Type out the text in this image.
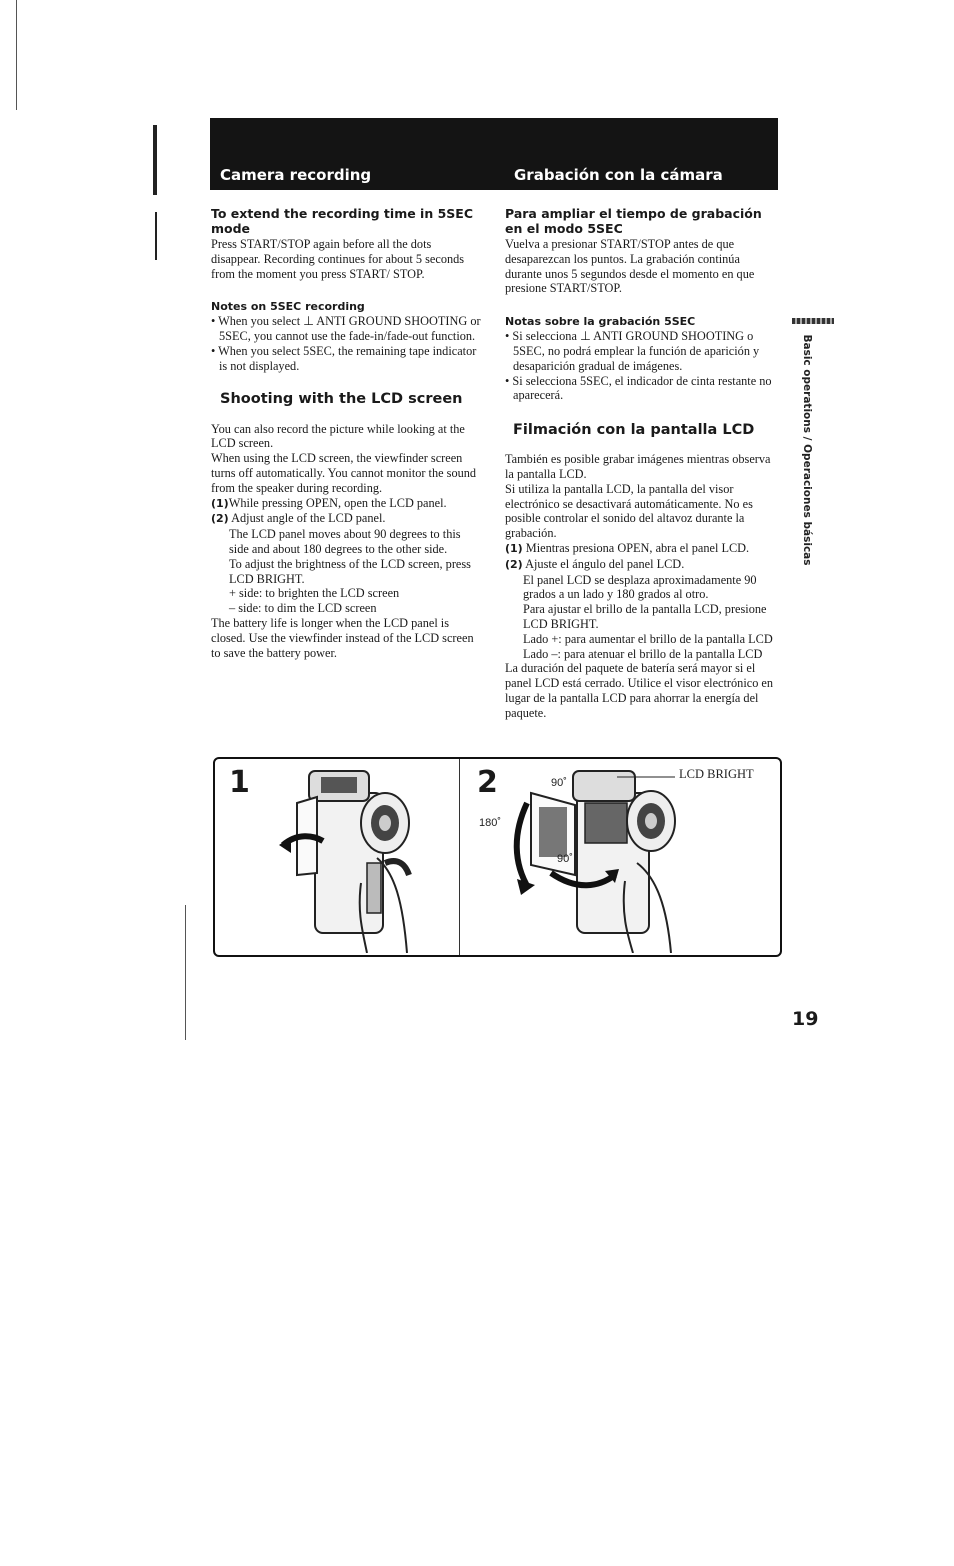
Camera recording	Grabación con la cámara

To extend the recording time in 5SEC mode

Press START/STOP again before all the dots disappear. Recording continues for about 5 seconds from the moment you press START/ STOP.

Notes on 5SEC recording

• When you select ⊥ ANTI GROUND SHOOTING or 5SEC, you cannot use the fade-in/fade-out function.

• When you select 5SEC, the remaining tape indicator is not displayed.

Shooting with the LCD screen

You can also record the picture while looking at the LCD screen.

When using the LCD screen, the viewfinder screen turns off automatically. You cannot monitor the sound from the speaker during recording.

(1)While pressing OPEN, open the LCD panel.

(2) Adjust angle of the LCD panel.

The LCD panel moves about 90 degrees to this side and about 180 degrees to the other side.

To adjust the brightness of the LCD screen, press LCD BRIGHT.

+ side: to brighten the LCD screen

– side: to dim the LCD screen

The battery life is longer when the LCD panel is closed. Use the viewfinder instead of the LCD screen to save the battery power.

Para ampliar el tiempo de grabación en el modo 5SEC

Vuelva a presionar START/STOP antes de que desaparezcan los puntos. La grabación continúa durante unos 5 segundos desde el momento en que presione START/STOP.

Notas sobre la grabación 5SEC

• Si selecciona ⊥ ANTI GROUND SHOOTING o 5SEC, no podrá emplear la función de aparición y desaparición gradual de imágenes.

• Si selecciona 5SEC, el indicador de cinta restante no aparecerá.

Filmación con la pantalla LCD

También es posible grabar imágenes mientras observa la pantalla LCD.

Si utiliza la pantalla LCD, la pantalla del visor electrónico se desactivará automáticamente. No es posible controlar el sonido del altavoz durante la grabación.

(1) Mientras presiona OPEN, abra el panel LCD.

(2) Ajuste el ángulo del panel LCD.

El panel LCD se desplaza aproximadamente 90 grados a un lado y 180 grados al otro.

Para ajustar el brillo de la pantalla LCD, presione LCD BRIGHT.

Lado +: para aumentar el brillo de la pantalla LCD

Lado –: para atenuar el brillo de la pantalla LCD

La duración del paquete de batería será mayor si el panel LCD está cerrado. Utilice el visor electrónico en lugar de la pantalla LCD para ahorrar la energía del paquete.

Basic operations / Operaciones básicas
1	2	90˚
180˚
90˚
LCD BRIGHT
19
